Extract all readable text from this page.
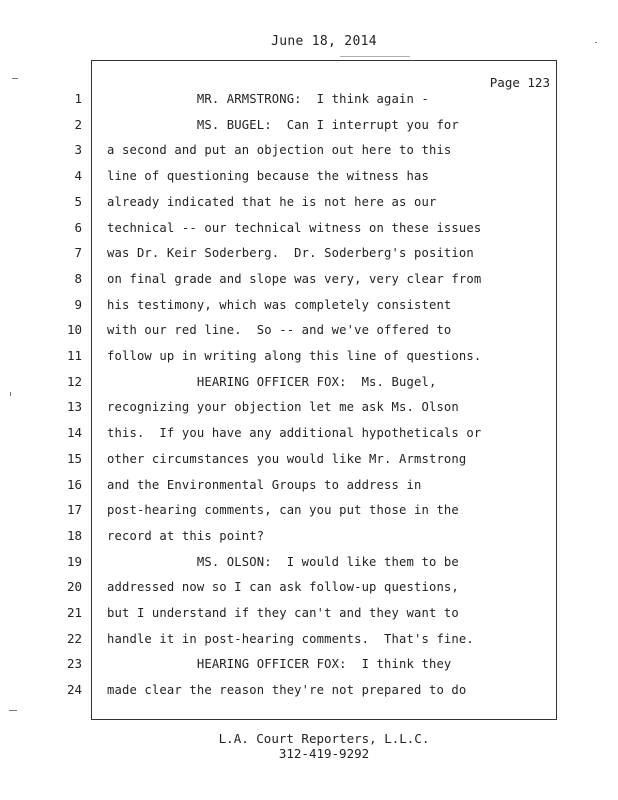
June 18, 2014
Page 123
1
2
3
4
5
6
7
8
9
10
11
12
13
14
15
16
17
18
19
20
21
22
23
24
MR. ARMSTRONG:  I think again -
MS. BUGEL:  Can I interrupt you for
a second and put an objection out here to this
line of questioning because the witness has
already indicated that he is not here as our
technical -- our technical witness on these issues
was Dr. Keir Soderberg.  Dr. Soderberg's position
on final grade and slope was very, very clear from
his testimony, which was completely consistent
with our red line.  So -- and we've offered to
follow up in writing along this line of questions.
HEARING OFFICER FOX:  Ms. Bugel,
recognizing your objection let me ask Ms. Olson
this.  If you have any additional hypotheticals or
other circumstances you would like Mr. Armstrong
and the Environmental Groups to address in
post-hearing comments, can you put those in the
record at this point?
MS. OLSON:  I would like them to be
addressed now so I can ask follow-up questions,
but I understand if they can't and they want to
handle it in post-hearing comments.  That's fine.
HEARING OFFICER FOX:  I think they
made clear the reason they're not prepared to do
L.A. Court Reporters, L.L.C.
312-419-9292
